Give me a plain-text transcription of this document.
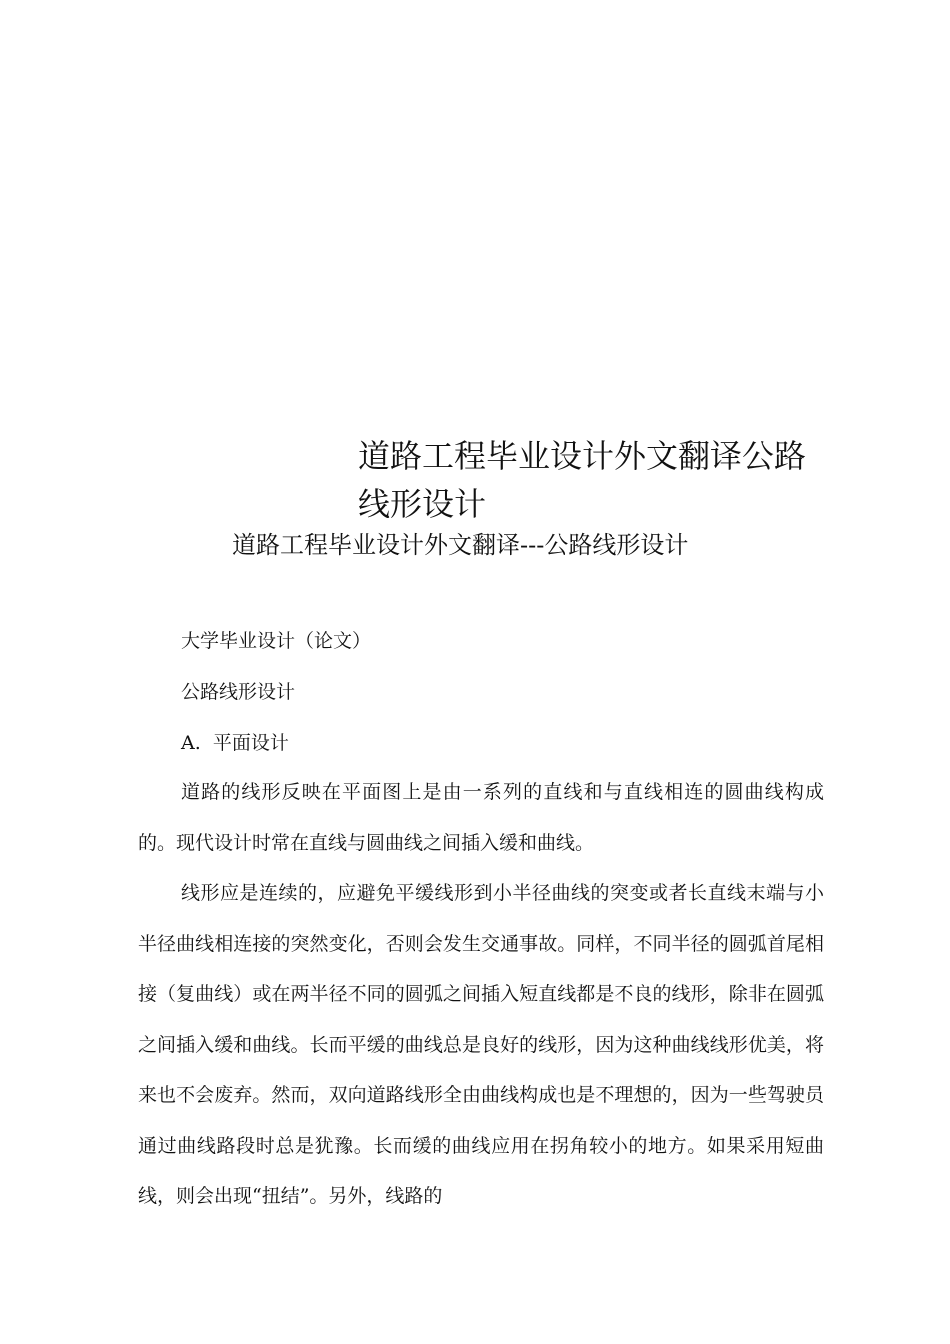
道路工程毕业设计外文翻译公路线形设计
道路工程毕业设计外文翻译---公路线形设计

大学毕业设计（论文）

公路线形设计

A.  平面设计

道路的线形反映在平面图上是由一系列的直线和与直线相连的圆曲线构成的。现代设计时常在直线与圆曲线之间插入缓和曲线。

线形应是连续的，应避免平缓线形到小半径曲线的突变或者长直线末端与小半径曲线相连接的突然变化，否则会发生交通事故。同样，不同半径的圆弧首尾相接（复曲线）或在两半径不同的圆弧之间插入短直线都是不良的线形，除非在圆弧之间插入缓和曲线。长而平缓的曲线总是良好的线形，因为这种曲线线形优美，将来也不会废弃。然而，双向道路线形全由曲线构成也是不理想的，因为一些驾驶员通过曲线路段时总是犹豫。长而缓的曲线应用在拐角较小的地方。如果采用短曲线，则会出现“扭结”。另外，线路的
